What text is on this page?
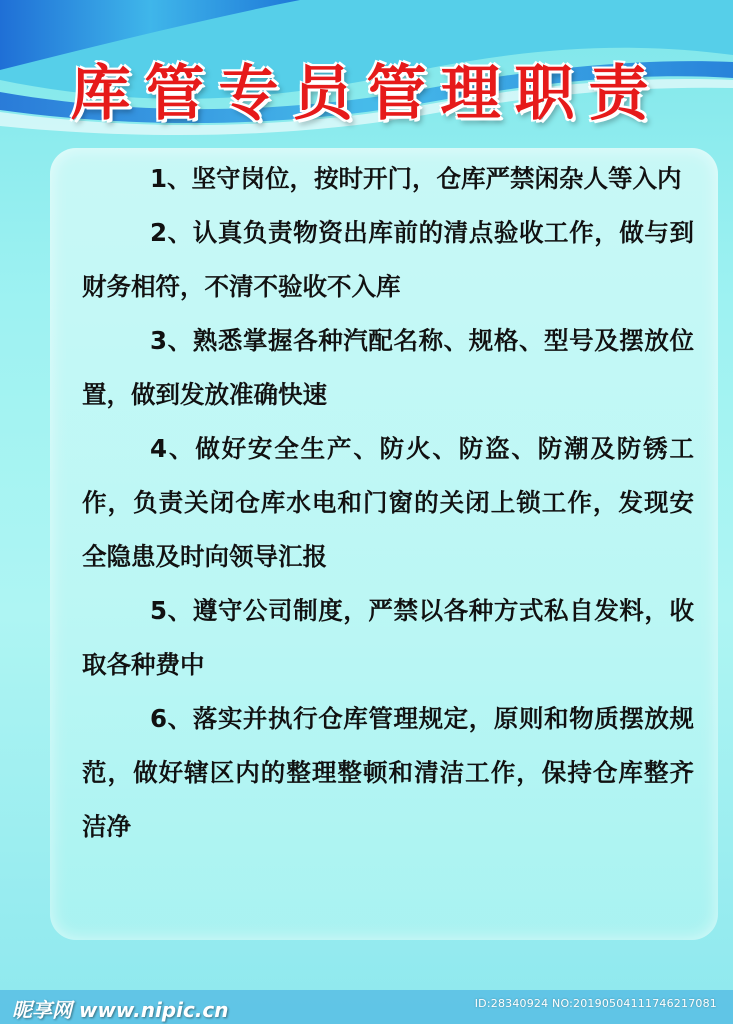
库管专员管理职责

1、坚守岗位，按时开门，仓库严禁闲杂人等入内

2、认真负责物资出库前的清点验收工作，做与到财务相符，不清不验收不入库

3、熟悉掌握各种汽配名称、规格、型号及摆放位置，做到发放准确快速

4、做好安全生产、防火、防盗、防潮及防锈工作，负责关闭仓库水电和门窗的关闭上锁工作，发现安全隐患及时向领导汇报

5、遵守公司制度，严禁以各种方式私自发料，收取各种费中

6、落实并执行仓库管理规定，原则和物质摆放规范，做好辖区内的整理整顿和清洁工作，保持仓库整齐洁净

昵享网 www.nipic.cn	ID:28340924 NO:20190504111746217081
